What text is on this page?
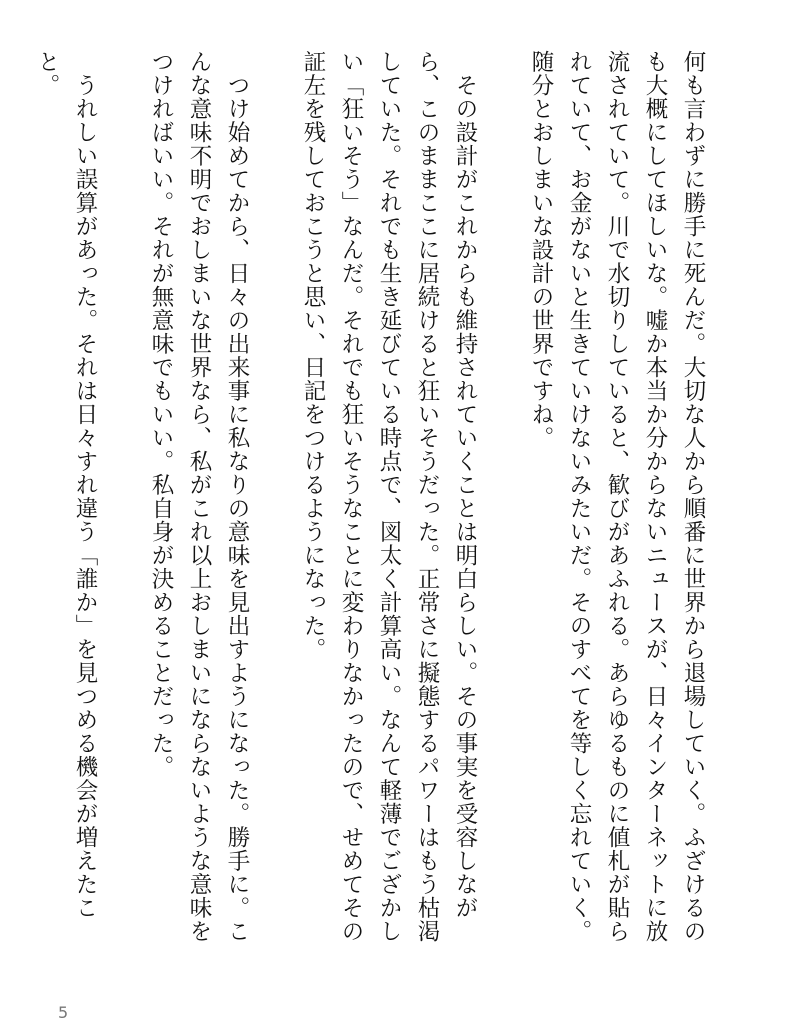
何も言わずに勝手に死んだ。大切な人から順番に世界から退場していく。ふざけるのも大概にしてほしいな。嘘か本当か分からないニュースが、日々インターネットに放流されていて。川で水切りしていると、歓びがあふれる。あらゆるものに値札が貼られていて、お金がないと生きていけないみたいだ。そのすべてを等しく忘れていく。随分とおしまいな設計の世界ですね。

　その設計がこれからも維持されていくことは明白らしい。その事実を受容しながら、このままここに居続けると狂いそうだった。正常さに擬態するパワーはもう枯渇していた。それでも生き延びている時点で、図太く計算高い。なんて軽薄でござかしい「狂いそう」なんだ。それでも狂いそうなことに変わりなかったので、せめてその証左を残しておこうと思い、日記をつけるようになった。

　つけ始めてから、日々の出来事に私なりの意味を見出すようになった。勝手に。こんな意味不明でおしまいな世界なら、私がこれ以上おしまいにならないような意味をつければいい。それが無意味でもいい。私自身が決めることだった。

　うれしい誤算があった。それは日々すれ違う「誰か」を見つめる機会が増えたこと。

5
